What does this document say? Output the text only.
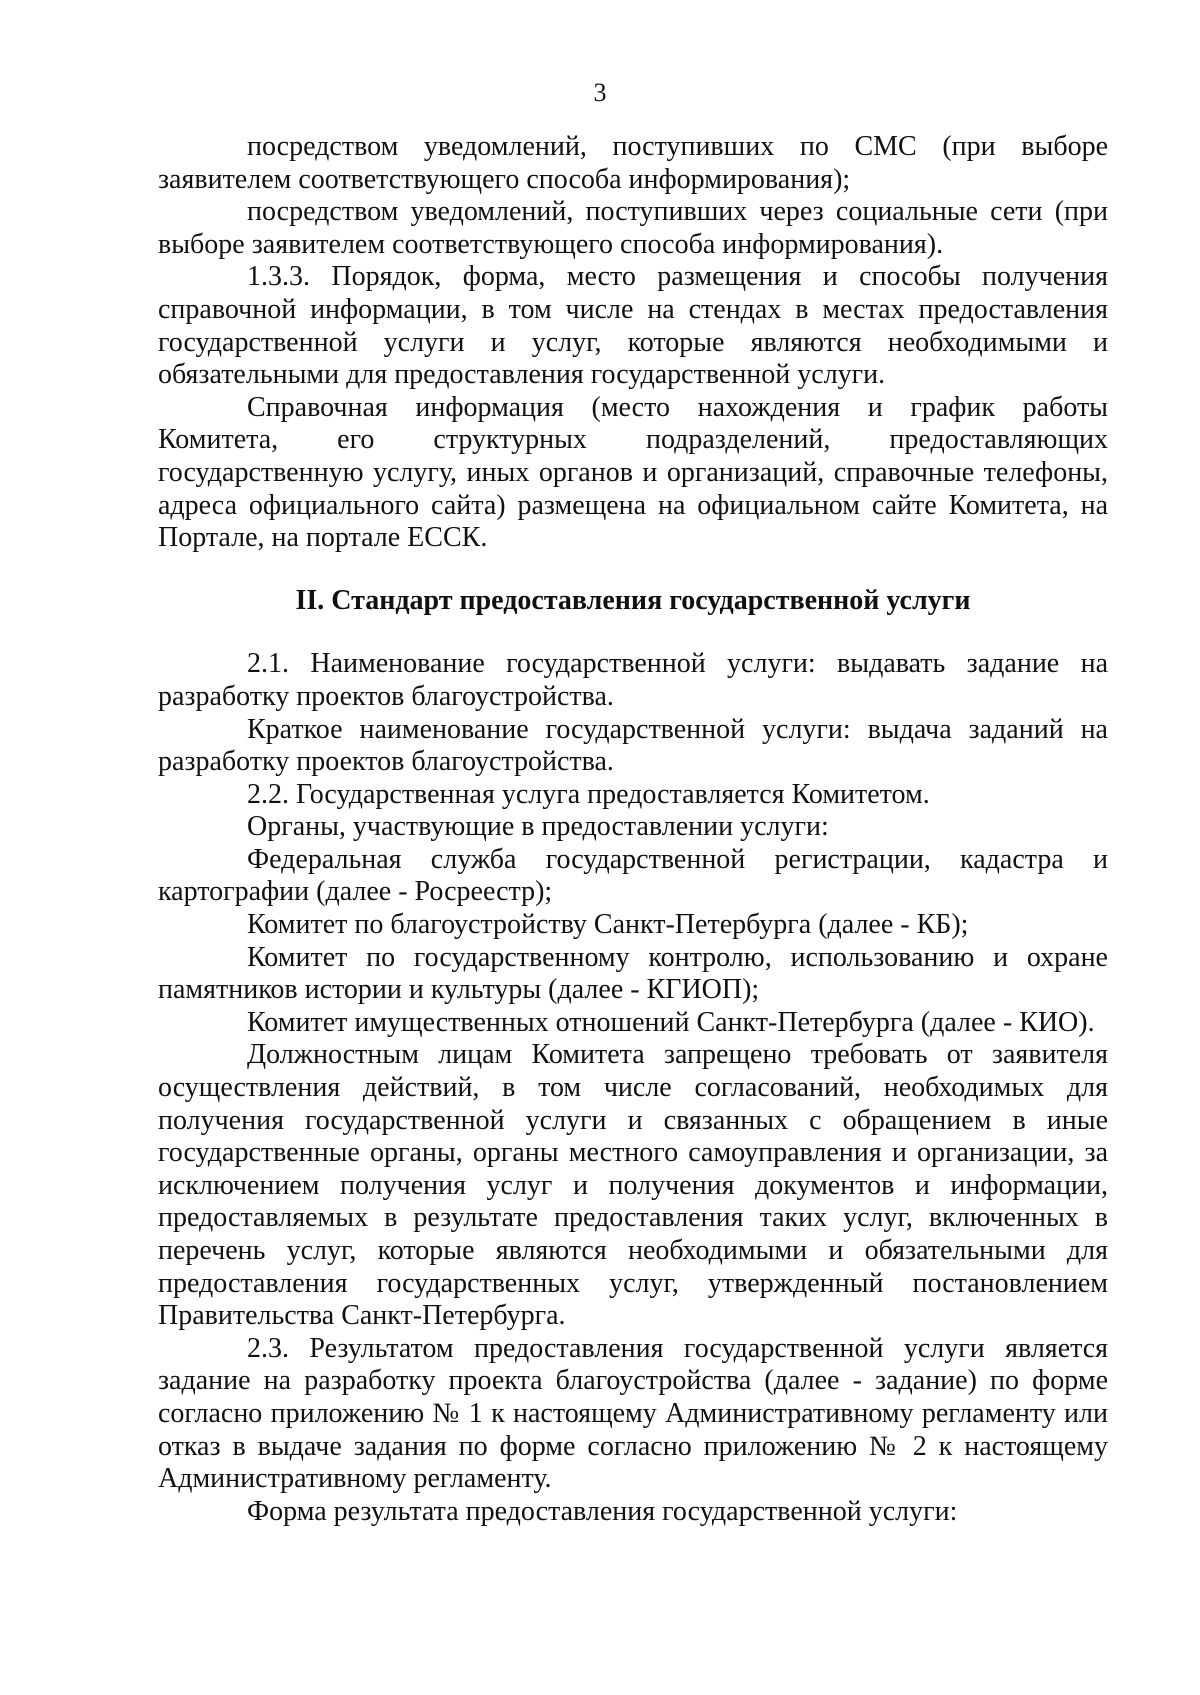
3

посредством уведомлений, поступивших по СМС (при выборе заявителем соответствующего способа информирования);

посредством уведомлений, поступивших через социальные сети (при выборе заявителем соответствующего способа информирования).

1.3.3. Порядок, форма, место размещения и способы получения справочной информации, в том числе на стендах в местах предоставления государственной услуги и услуг, которые являются необходимыми и обязательными для предоставления государственной услуги.

Справочная информация (место нахождения и график работы Комитета, его структурных подразделений, предоставляющих государственную услугу, иных органов и организаций, справочные телефоны, адреса официального сайта) размещена на официальном сайте Комитета, на Портале, на портале ЕССК.

II. Стандарт предоставления государственной услуги

2.1. Наименование государственной услуги: выдавать задание на разработку проектов благоустройства.

Краткое наименование государственной услуги: выдача заданий на разработку проектов благоустройства.

2.2. Государственная услуга предоставляется Комитетом.

Органы, участвующие в предоставлении услуги:

Федеральная служба государственной регистрации, кадастра и картографии (далее - Росреестр);

Комитет по благоустройству Санкт-Петербурга (далее - КБ);

Комитет по государственному контролю, использованию и охране памятников истории и культуры (далее - КГИОП);

Комитет имущественных отношений Санкт-Петербурга (далее - КИО).

Должностным лицам Комитета запрещено требовать от заявителя осуществления действий, в том числе согласований, необходимых для получения государственной услуги и связанных с обращением в иные государственные органы, органы местного самоуправления и организации, за исключением получения услуг и получения документов и информации, предоставляемых в результате предоставления таких услуг, включенных в перечень услуг, которые являются необходимыми и обязательными для предоставления государственных услуг, утвержденный постановлением Правительства Санкт-Петербурга.

2.3. Результатом предоставления государственной услуги является задание на разработку проекта благоустройства (далее - задание) по форме согласно приложению № 1 к настоящему Административному регламенту или отказ в выдаче задания по форме согласно приложению № 2 к настоящему Административному регламенту.

Форма результата предоставления государственной услуги:
